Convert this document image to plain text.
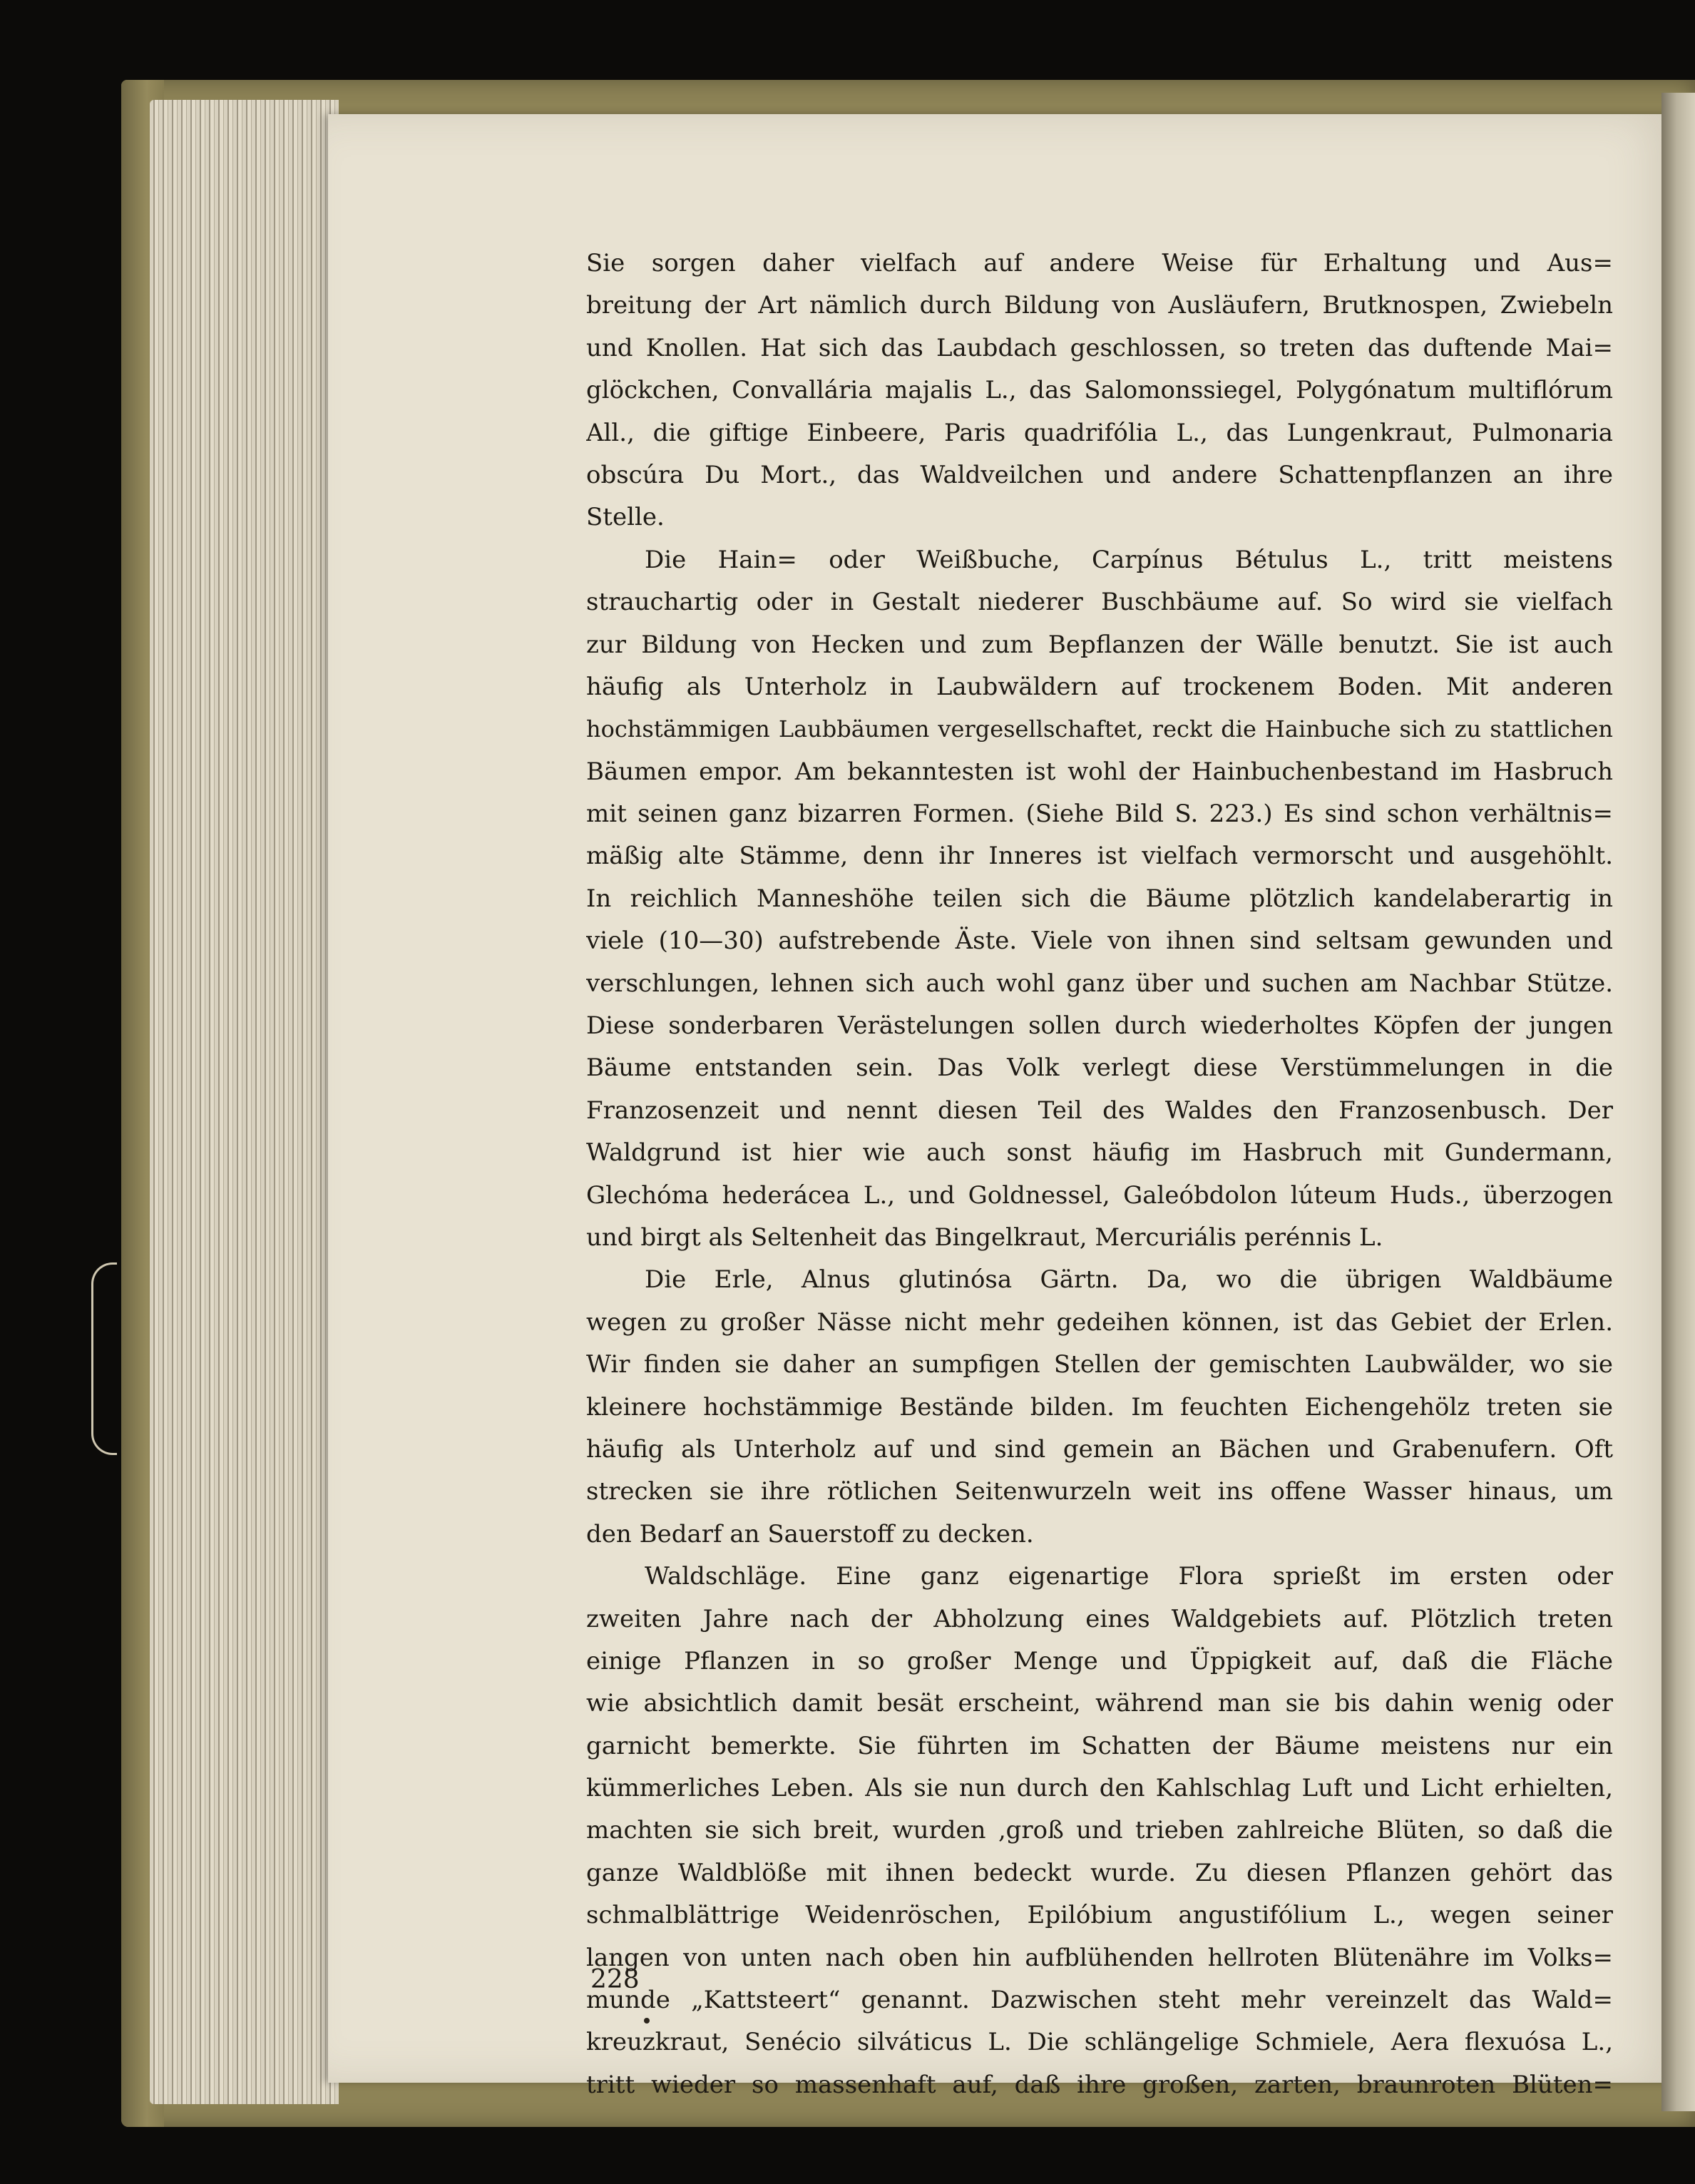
Sie sorgen daher vielfach auf andere Weise für Erhaltung und Aus=
breitung der Art nämlich durch Bildung von Ausläufern, Brutknospen, Zwiebeln
und Knollen. Hat sich das Laubdach geschlossen, so treten das duftende Mai=
glöckchen, Convallária majalis L., das Salomonssiegel, Polygónatum multiflórum
All., die giftige Einbeere, Paris quadrifólia L., das Lungenkraut, Pulmonaria
obscúra Du Mort., das Waldveilchen und andere Schattenpflanzen an ihre
Stelle.
Die Hain= oder Weißbuche, Carpínus Bétulus L., tritt meistens
strauchartig oder in Gestalt niederer Buschbäume auf. So wird sie vielfach
zur Bildung von Hecken und zum Bepflanzen der Wälle benutzt. Sie ist auch
häufig als Unterholz in Laubwäldern auf trockenem Boden. Mit anderen
hochstämmigen Laubbäumen vergesellschaftet, reckt die Hainbuche sich zu stattlichen
Bäumen empor. Am bekanntesten ist wohl der Hainbuchenbestand im Hasbruch
mit seinen ganz bizarren Formen. (Siehe Bild S. 223.) Es sind schon verhältnis=
mäßig alte Stämme, denn ihr Inneres ist vielfach vermorscht und ausgehöhlt.
In reichlich Manneshöhe teilen sich die Bäume plötzlich kandelaberartig in
viele (10—30) aufstrebende Äste. Viele von ihnen sind seltsam gewunden und
verschlungen, lehnen sich auch wohl ganz über und suchen am Nachbar Stütze.
Diese sonderbaren Verästelungen sollen durch wiederholtes Köpfen der jungen
Bäume entstanden sein. Das Volk verlegt diese Verstümmelungen in die
Franzosenzeit und nennt diesen Teil des Waldes den Franzosenbusch. Der
Waldgrund ist hier wie auch sonst häufig im Hasbruch mit Gundermann,
Glechóma hederácea L., und Goldnessel, Galeóbdolon lúteum Huds., überzogen
und birgt als Seltenheit das Bingelkraut, Mercuriális perénnis L.
Die Erle, Alnus glutinósa Gärtn. Da, wo die übrigen Waldbäume
wegen zu großer Nässe nicht mehr gedeihen können, ist das Gebiet der Erlen.
Wir finden sie daher an sumpfigen Stellen der gemischten Laubwälder, wo sie
kleinere hochstämmige Bestände bilden. Im feuchten Eichengehölz treten sie
häufig als Unterholz auf und sind gemein an Bächen und Grabenufern. Oft
strecken sie ihre rötlichen Seitenwurzeln weit ins offene Wasser hinaus, um
den Bedarf an Sauerstoff zu decken.
Waldschläge. Eine ganz eigenartige Flora sprießt im ersten oder
zweiten Jahre nach der Abholzung eines Waldgebiets auf. Plötzlich treten
einige Pflanzen in so großer Menge und Üppigkeit auf, daß die Fläche
wie absichtlich damit besät erscheint, während man sie bis dahin wenig oder
garnicht bemerkte. Sie führten im Schatten der Bäume meistens nur ein
kümmerliches Leben. Als sie nun durch den Kahlschlag Luft und Licht erhielten,
machten sie sich breit, wurden ‚groß und trieben zahlreiche Blüten, so daß die
ganze Waldblöße mit ihnen bedeckt wurde. Zu diesen Pflanzen gehört das
schmalblättrige Weidenröschen, Epilóbium angustifólium L., wegen seiner
langen von unten nach oben hin aufblühenden hellroten Blütenähre im Volks=
munde „Kattsteert“ genannt. Dazwischen steht mehr vereinzelt das Wald=
kreuzkraut, Senécio silváticus L. Die schlängelige Schmiele, Aera flexuósa L.,
tritt wieder so massenhaft auf, daß ihre großen, zarten, braunroten Blüten=
228
